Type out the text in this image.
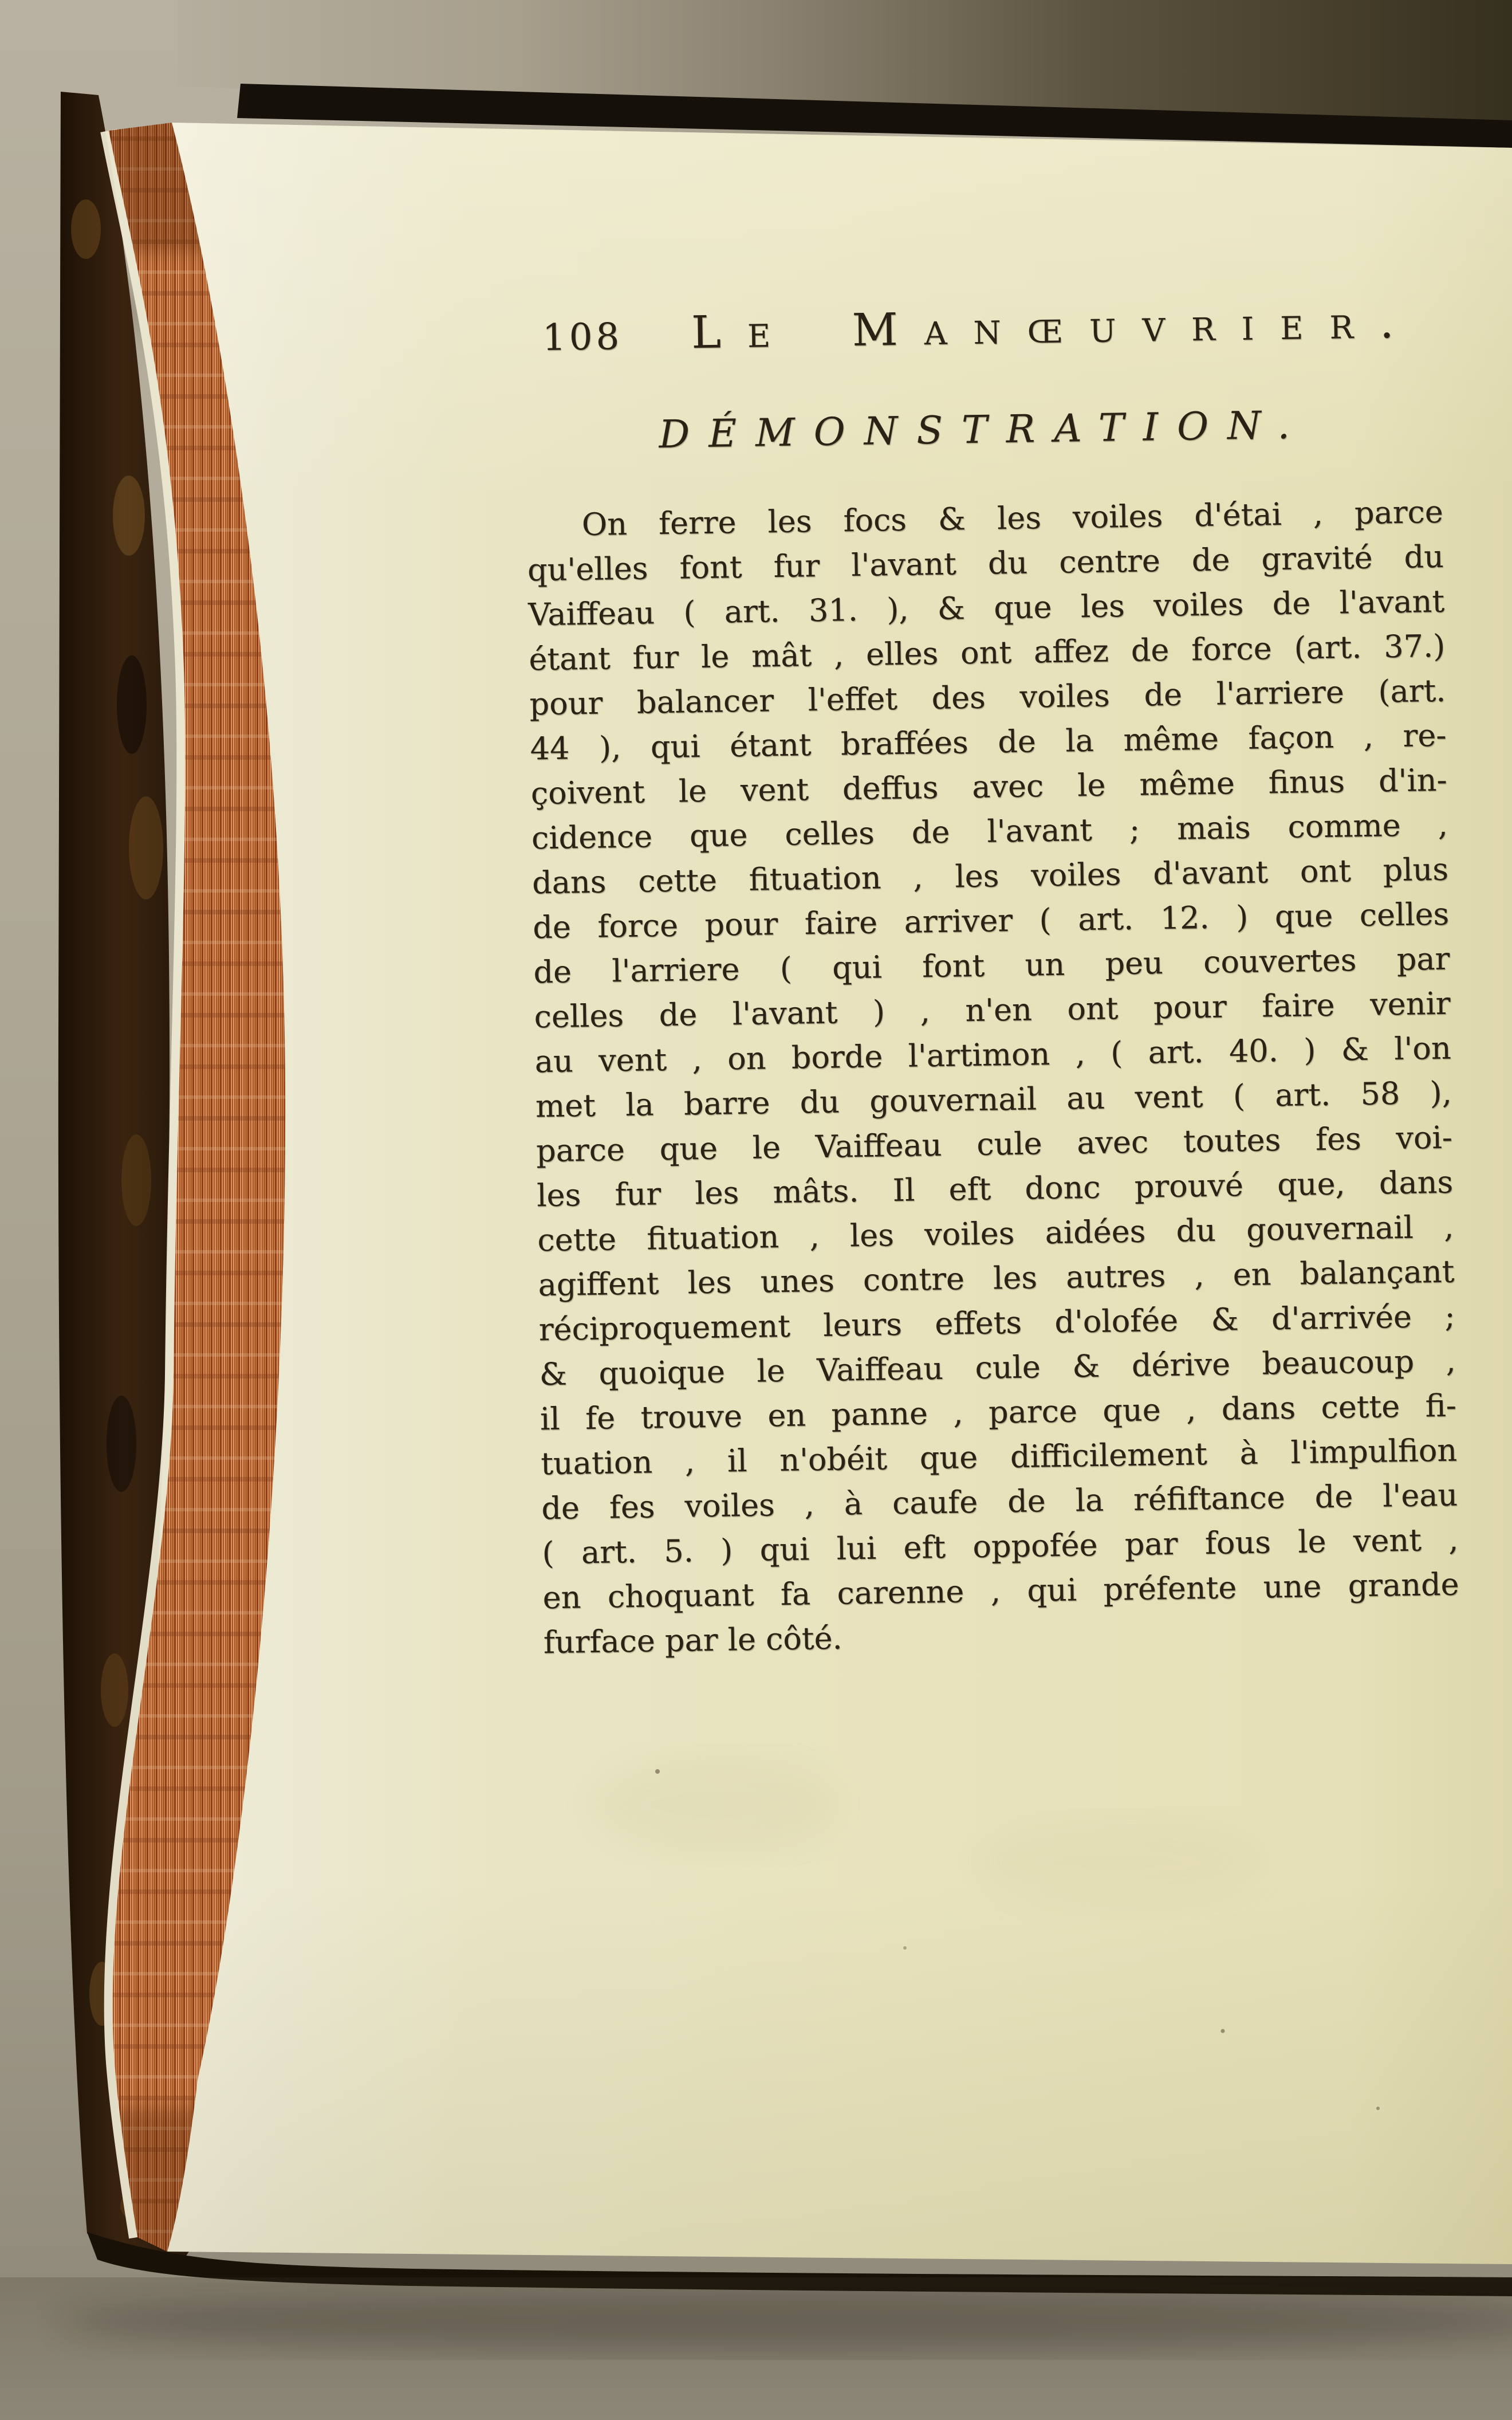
108 Le Manœuvrier.
DÉMONSTRATION.
On ferre les focs & les voiles d'étai , parce
qu'elles font fur l'avant du centre de gravité du
Vaiffeau ( art. 31. ), & que les voiles de l'avant
étant fur le mât , elles ont affez de force (art. 37.)
pour balancer l'effet des voiles de l'arriere (art.
44 ), qui étant braffées de la même façon , re-
çoivent le vent deffus avec le même finus d'in-
cidence que celles de l'avant ; mais comme ,
dans cette fituation , les voiles d'avant ont plus
de force pour faire arriver ( art. 12. ) que celles
de l'arriere ( qui font un peu couvertes par
celles de l'avant ) , n'en ont pour faire venir
au vent , on borde l'artimon , ( art. 40. ) & l'on
met la barre du gouvernail au vent ( art. 58 ),
parce que le Vaiffeau cule avec toutes fes voi-
les fur les mâts. Il eft donc prouvé que, dans
cette fituation , les voiles aidées du gouvernail ,
agiffent les unes contre les autres , en balançant
réciproquement leurs effets d'olofée & d'arrivée ;
& quoique le Vaiffeau cule & dérive beaucoup ,
il fe trouve en panne , parce que , dans cette fi-
tuation , il n'obéit que difficilement à l'impulfion
de fes voiles , à caufe de la réfiftance de l'eau
( art. 5. ) qui lui eft oppofée par fous le vent ,
en choquant fa carenne , qui préfente une grande
furface par le côté.
